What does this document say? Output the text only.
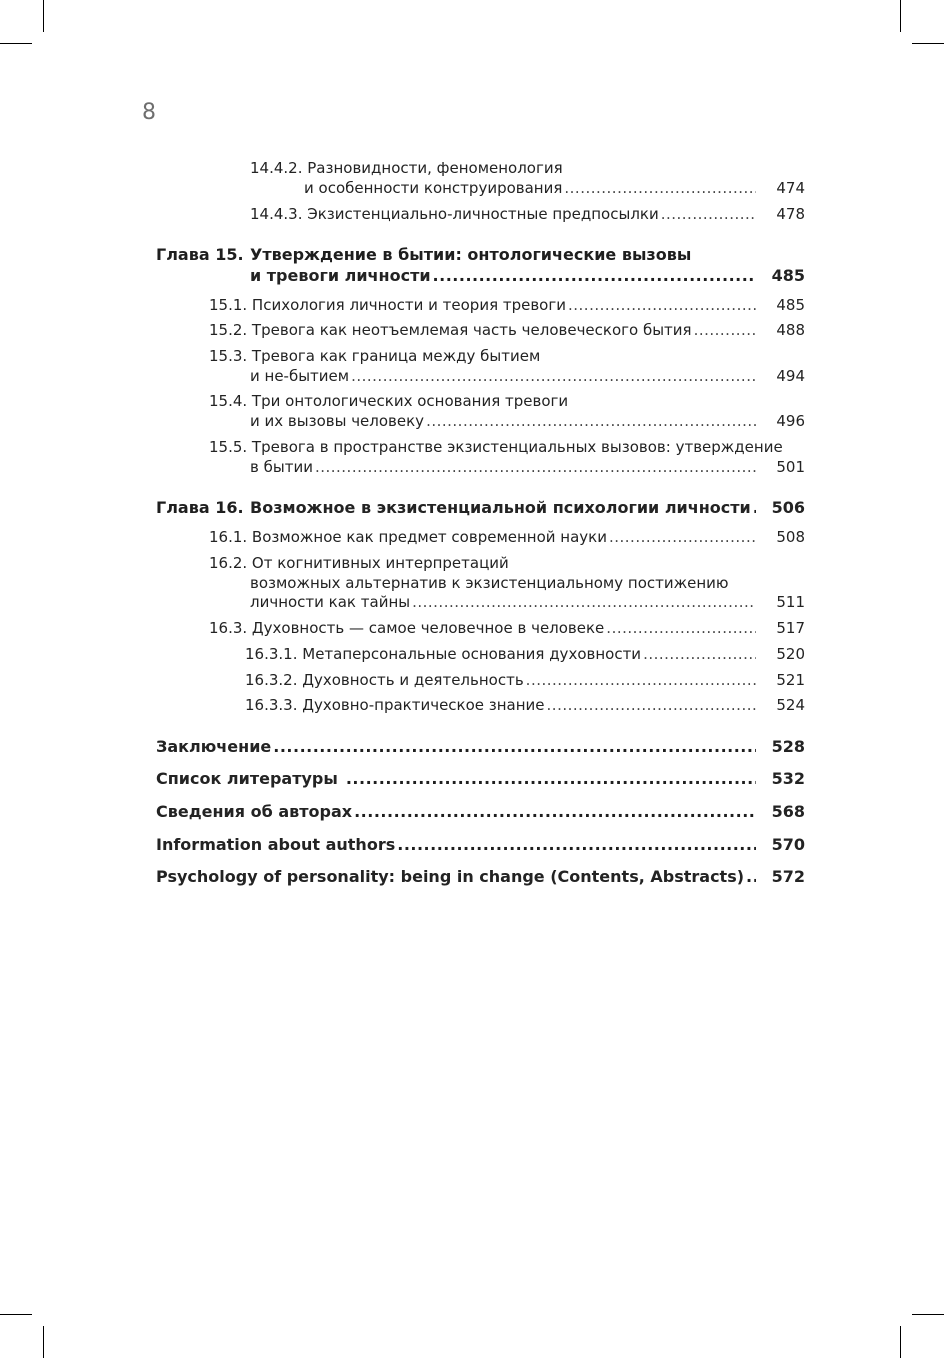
8
14.4.2. Разновидности, феноменология
и особенности конструирования .....	474
14.4.3. Экзистенциально-личностные предпосылки .....	478
Глава 15. Утверждение в бытии: онтологические вызовы
и тревоги личности .....	485
15.1. Психология личности и теория тревоги .....	485
15.2. Тревога как неотъемлемая часть человеческого бытия .....	488
15.3. Тревога как граница между бытием
и не-бытием .....	494
15.4. Три онтологических основания тревоги
и их вызовы человеку .....	496
15.5. Тревога в пространстве экзистенциальных вызовов: утверждение
в бытии .....	501
Глава 16. Возможное в экзистенциальной психологии личности .....	506
16.1. Возможное как предмет современной науки .....	508
16.2. От когнитивных интерпретаций
возможных альтернатив к экзистенциальному постижению
личности как тайны .....	511
16.3. Духовность — самое человечное в человеке .....	517
16.3.1. Метаперсональные основания духовности .....	520
16.3.2. Духовность и деятельность .....	521
16.3.3. Духовно-практическое знание .....	524
Заключение .....	528
Список литературы .....	532
Сведения об авторах .....	568
Information about authors .....	570
Psychology of personality: being in change (Contents, Abstracts) .....	572
